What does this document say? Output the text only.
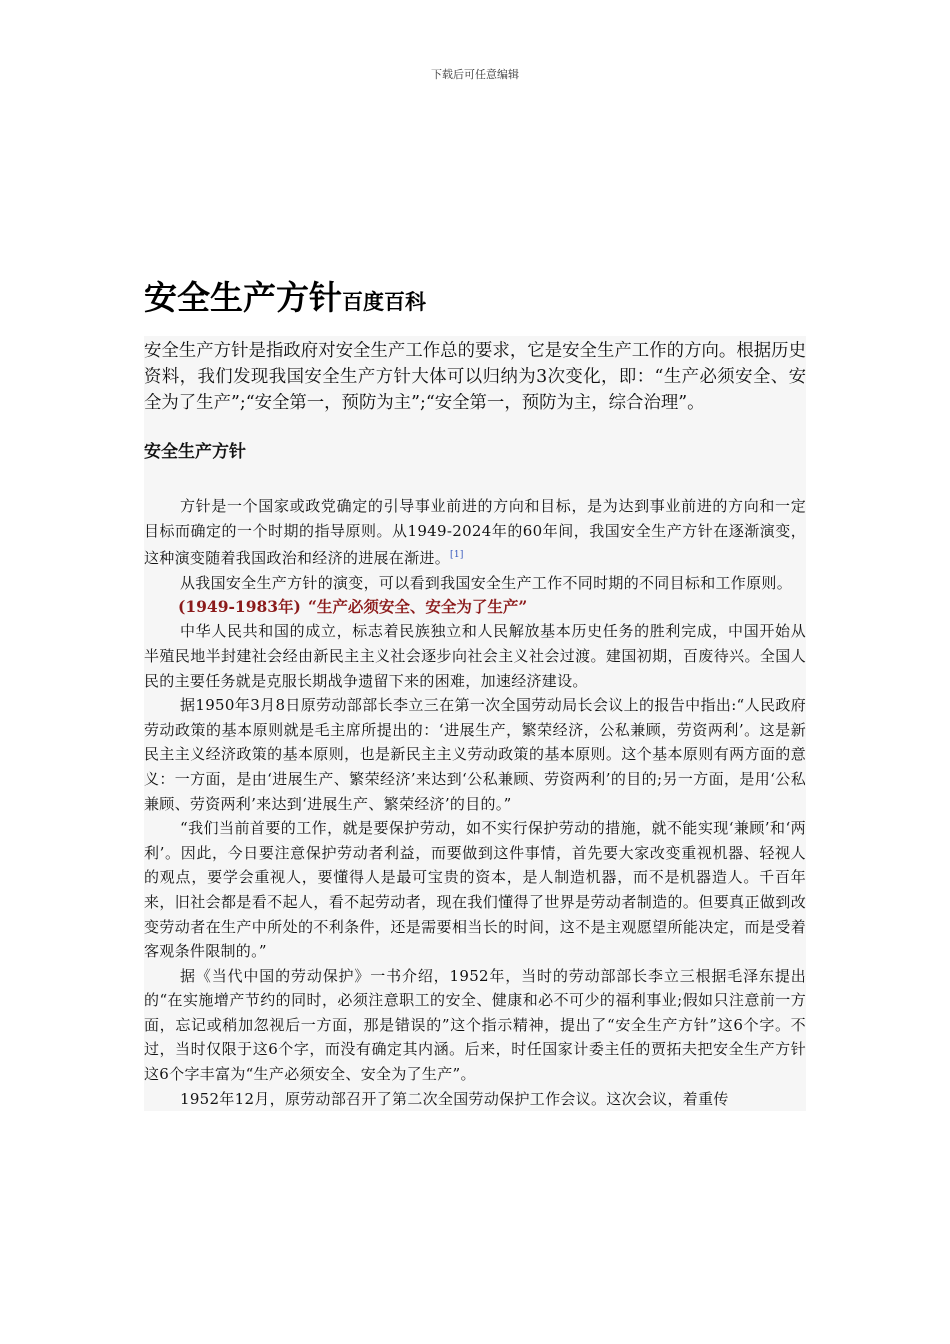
下载后可任意编辑
安全生产方针百度百科

安全生产方针是指政府对安全生产工作总的要求，它是安全生产工作的方向。根据历史资料，我们发现我国安全生产方针大体可以归纳为3次变化，即：“生产必须安全、安全为了生产”;“安全第一，预防为主”;“安全第一，预防为主，综合治理”。

安全生产方针

方针是一个国家或政党确定的引导事业前进的方向和目标，是为达到事业前进的方向和一定目标而确定的一个时期的指导原则。从1949-2024年的60年间，我国安全生产方针在逐渐演变，这种演变随着我国政治和经济的进展在渐进。[1]

从我国安全生产方针的演变，可以看到我国安全生产工作不同时期的不同目标和工作原则。

(1949-1983年) “生产必须安全、安全为了生产”

中华人民共和国的成立，标志着民族独立和人民解放基本历史任务的胜利完成，中国开始从半殖民地半封建社会经由新民主主义社会逐步向社会主义社会过渡。建国初期，百废待兴。全国人民的主要任务就是克服长期战争遗留下来的困难，加速经济建设。

据1950年3月8日原劳动部部长李立三在第一次全国劳动局长会议上的报告中指出:“人民政府劳动政策的基本原则就是毛主席所提出的：‘进展生产，繁荣经济，公私兼顾，劳资两利’。这是新民主主义经济政策的基本原则，也是新民主主义劳动政策的基本原则。这个基本原则有两方面的意义：一方面，是由‘进展生产、繁荣经济’来达到‘公私兼顾、劳资两利’的目的;另一方面，是用‘公私兼顾、劳资两利’来达到‘进展生产、繁荣经济’的目的。”

“我们当前首要的工作，就是要保护劳动，如不实行保护劳动的措施，就不能实现‘兼顾’和‘两利’。因此，今日要注意保护劳动者利益，而要做到这件事情，首先要大家改变重视机器、轻视人的观点，要学会重视人，要懂得人是最可宝贵的资本，是人制造机器，而不是机器造人。千百年来，旧社会都是看不起人，看不起劳动者，现在我们懂得了世界是劳动者制造的。但要真正做到改变劳动者在生产中所处的不利条件，还是需要相当长的时间，这不是主观愿望所能决定，而是受着客观条件限制的。”

据《当代中国的劳动保护》一书介绍，1952年，当时的劳动部部长李立三根据毛泽东提出的“在实施增产节约的同时，必须注意职工的安全、健康和必不可少的福利事业;假如只注意前一方面，忘记或稍加忽视后一方面，那是错误的”这个指示精神，提出了“安全生产方针”这6个字。不过，当时仅限于这6个字，而没有确定其内涵。后来，时任国家计委主任的贾拓夫把安全生产方针这6个字丰富为“生产必须安全、安全为了生产”。

1952年12月，原劳动部召开了第二次全国劳动保护工作会议。这次会议，着重传
